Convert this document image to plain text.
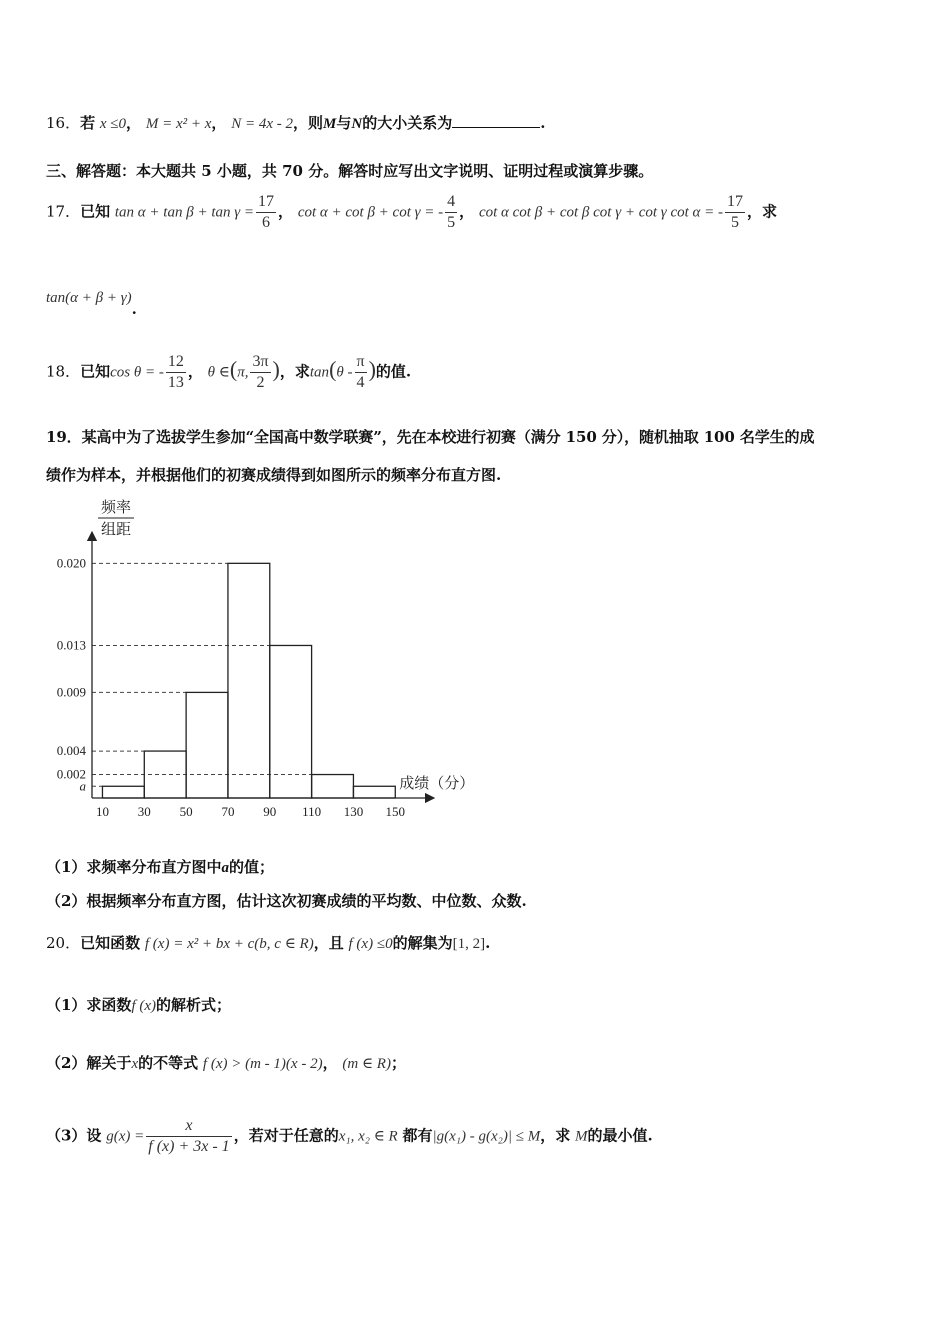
16．若 x ≤0， M = x² + x， N = 4x - 2，则M与N的大小关系为	.
三、解答题：本大题共 5 小题，共 70 分。解答时应写出文字说明、证明过程或演算步骤。
17．已知 $\tan \alpha + \tan \beta + \tan \gamma = \frac{17}{6}$ ， cot α + cot β + cot γ = - $\frac{4}{5}$ ， cot α cot β + cot β cot γ + cot γ cot α = - $\frac{17}{5}$ ，求
tan(α + β + γ).
18．已知cos θ = - $\frac{12}{13}$ ， θ ∈(π, $\frac{3\pi}{2}$ )，求$\tan(\theta - \frac{\pi}{4}$ )的值.
19．某高中为了选拔学生参加“全国高中数学联赛”，先在本校进行初赛（满分 150 分），随机抽取 100 名学生的成
绩作为样本，并根据他们的初赛成绩得到如图所示的频率分布直方图.
0.020
0.013
0.009
0.004
0.002
a
10 30 50 70 90 110 130 150
频率
组距
成绩（分）
（1）求频率分布直方图中a的值；
（2）根据频率分布直方图，估计这次初赛成绩的平均数、中位数、众数.
20．已知函数 f (x) = x² + bx + c(b, c ∈ R)，且 f (x) ≤0的解集为[1, 2].
（1）求函数f (x)的解析式；
（2）解关于x的不等式 f (x) > (m - 1)(x - 2)， (m ∈ R)；
（3）设 $g(x) = \frac{x}{f (x) + 3x - 1}$ ，若对于任意的x₁, x₂ ∈ R 都有|g(x₁) - g(x₂)| ≤ M，求 M的最小值.
